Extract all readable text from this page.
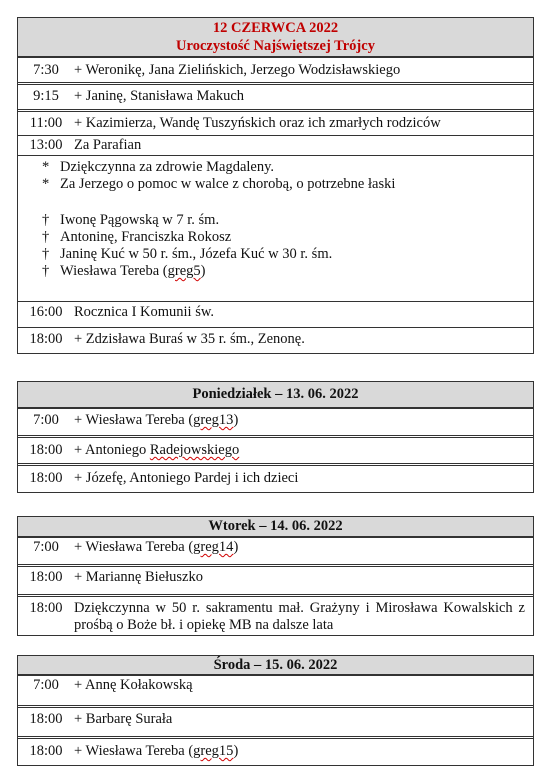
12 CZERWCA 2022
Uroczystość Najświętszej Trójcy
7:30	+ Weronikę, Jana Zielińskich, Jerzego Wodzisławskiego
9:15	+ Janinę, Stanisława Makuch
11:00 + Kazimierza, Wandę Tuszyńskich oraz ich zmarłych rodziców
13:00 Za Parafian
* Dziękczynna za zdrowie Magdaleny.
* Za Jerzego o pomoc w walce z chorobą, o potrzebne łaski
† Iwonę Pągowską w 7 r. śm.
† Antoninę, Franciszka Rokosz
† Janinę Kuć w 50 r. śm., Józefa Kuć w 30 r. śm.
† Wiesława Tereba (greg5)
16:00 Rocznica I Komunii św.
18:00 + Zdzisława Buraś w 35 r. śm., Zenonę.
Poniedziałek – 13. 06. 2022
7:00	+ Wiesława Tereba (greg13)
18:00 + Antoniego Radejowskiego
18:00 + Józefę, Antoniego Pardej i ich dzieci
Wtorek – 14. 06. 2022
7:00	+ Wiesława Tereba (greg14)
18:00 + Mariannę Biełuszko
18:00 Dziękczynna w 50 r. sakramentu mał. Grażyny i Mirosława Kowalskich z prośbą o Boże bł. i opiekę MB na dalsze lata
Środa – 15. 06. 2022
7:00	+ Annę Kołakowską
18:00 + Barbarę Surała
18:00 + Wiesława Tereba (greg15)
